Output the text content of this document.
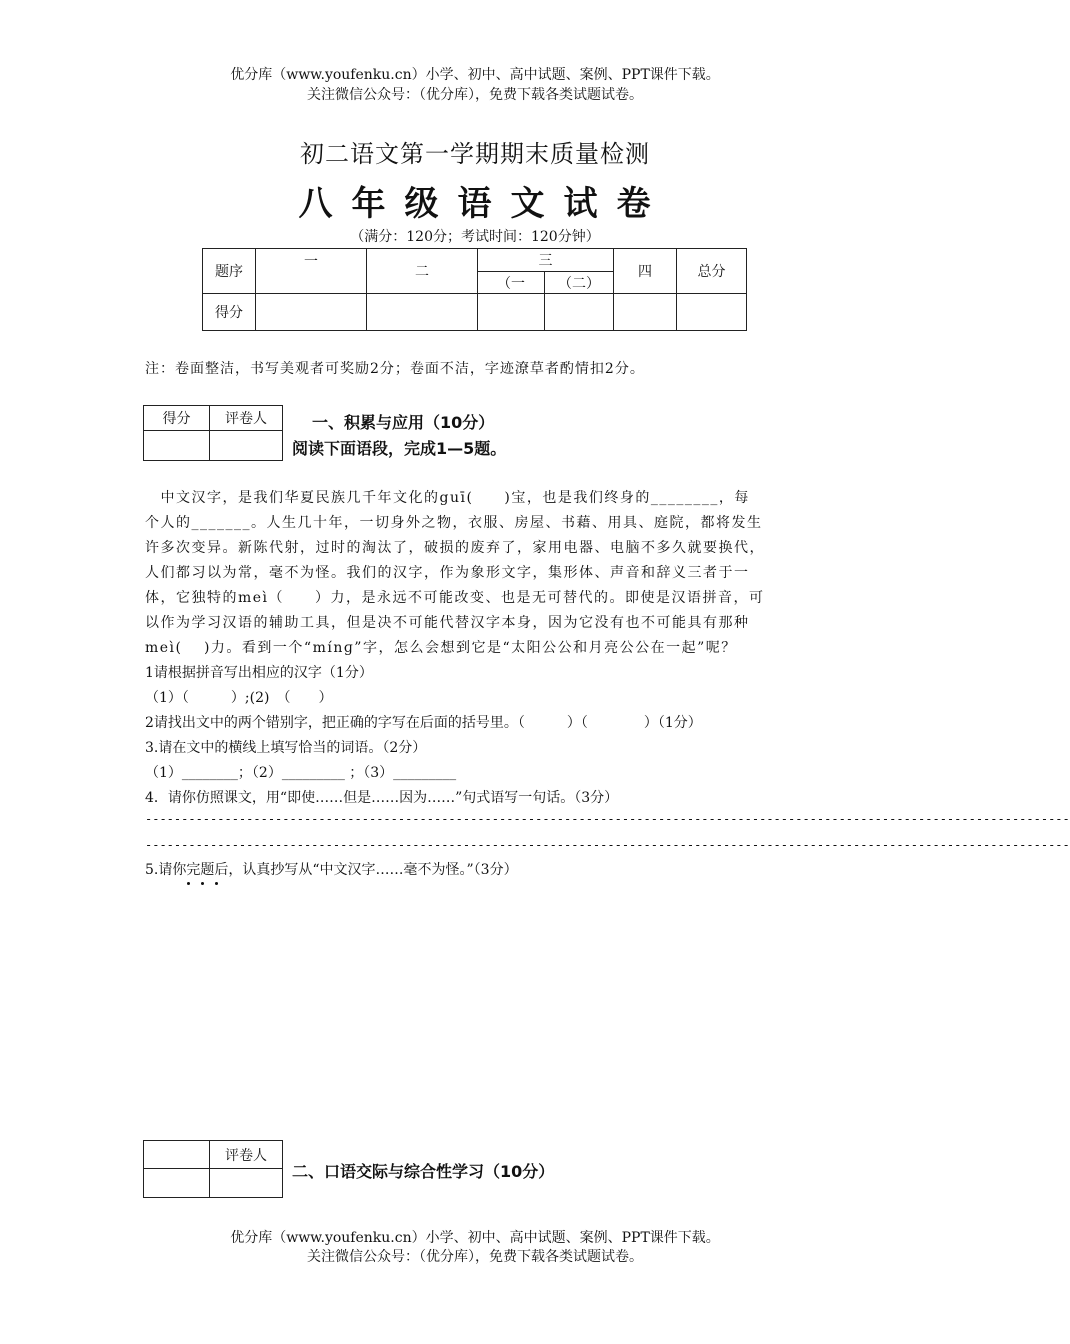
优分库（www.youfenku.cn）小学、初中、高中试题、案例、PPT课件下载。
关注微信公众号：（优分库），免费下载各类试题试卷。
初二语文第一学期期末质量检测
八年级语文试卷
（满分：120分；考试时间：120分钟）
题序	一	二	三		四	总分
			（一	（二）		
得分						
注：卷面整洁，书写美观者可奖励2分；卷面不洁，字迹潦草者酌情扣2分。
得分	评卷人
		一、积累与应用（10分）
阅读下面语段，完成1—5题。
　中文汉字，是我们华夏民族几千年文化的guī(　　)宝，也是我们终身的________，每
个人的_______。人生几十年，一切身外之物，衣服、房屋、书藉、用具、庭院，都将发生
许多次变异。新陈代射，过时的淘汰了，破损的废弃了，家用电器、电脑不多久就要换代，
人们都习以为常，毫不为怪。我们的汉字，作为象形文字，集形体、声音和辞义三者于一
体，它独特的meì（　　）力，是永远不可能改变、也是无可替代的。即使是汉语拼音，可
以作为学习汉语的辅助工具，但是决不可能代替汉字本身，因为它没有也不可能具有那种
meì(　 )力。看到一个“mínɡ”字，怎么会想到它是“太阳公公和月亮公公在一起”呢？
1请根据拼音写出相应的汉字（1分）
（1）（　　　）;(2)　（　　）
2请找出文中的两个错别字，把正确的字写在后面的括号里。（　　　）（　　　　）（1分）
3.请在文中的横线上填写恰当的词语。（2分）
（1）________；（2）_________ ；（3）_________
4．请你仿照课文，用“即使……但是……因为……”句式语写一句话。（3分）
--------------------------------------------------------------------------------------------------------------------------------
--------------------------------------------------------------------------------------------------------------------------------
5.请你完题后，认真抄写从“中文汉字……毫不为怪。”（3分）
	评卷人

二、口语交际与综合性学习（10分）
优分库（www.youfenku.cn）小学、初中、高中试题、案例、PPT课件下载。
关注微信公众号：（优分库），免费下载各类试题试卷。
